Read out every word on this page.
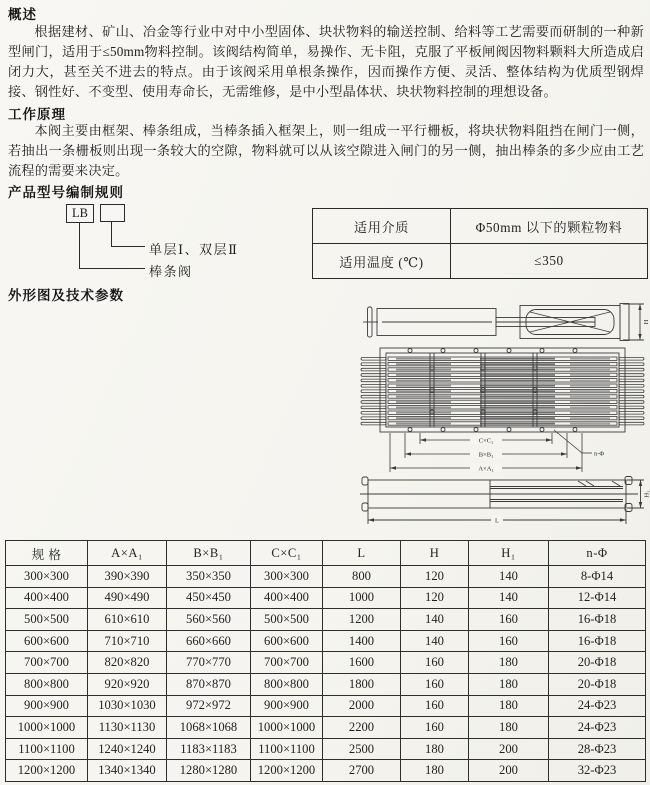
概述
根据建材、矿山、冶金等行业中对中小型固体、块状物料的输送控制、给料等工艺需要而研制的一种新型闸门，适用于≤50mm物料控制。该阀结构简单，易操作、无卡阻，克服了平板闸阀因物料颗料大所造成启闭力大，甚至关不进去的特点。由于该阀采用单根条操作，因而操作方便、灵活、整体结构为优质型钢焊接、钢性好、不变型、使用寿命长，无需维修，是中小型晶体状、块状物料控制的理想设备。
工作原理
本阀主要由框架、棒条组成，当棒条插入框架上，则一组成一平行栅板，将块状物料阻挡在闸门一侧，若抽出一条栅板则出现一条较大的空隙，物料就可以从该空隙进入闸门的另一侧，抽出棒条的多少应由工艺流程的需要来决定。
产品型号编制规则
LB
单层Ⅰ、双层Ⅱ
棒条阀
适用介质	Φ50mm 以下的颗粒物料
适用温度 (℃)	≤350
外形图及技术参数
H
C×C₁
B×B₁
A×A₁
n-Φ
L
H₁
规 格	A×A₁	B×B₁	C×C₁	L	H	H₁	n-Φ
300×300	390×390	350×350	300×300	800	120	140	8-Φ14
400×400	490×490	450×450	400×400	1000	120	140	12-Φ14
500×500	610×610	560×560	500×500	1200	140	160	16-Φ18
600×600	710×710	660×660	600×600	1400	140	160	16-Φ18
700×700	820×820	770×770	700×700	1600	160	180	20-Φ18
800×800	920×920	870×870	800×800	1800	160	180	20-Φ18
900×900	1030×1030	972×972	900×900	2000	160	180	24-Φ23
1000×1000	1130×1130	1068×1068	1000×1000	2200	160	180	24-Φ23
1100×1100	1240×1240	1183×1183	1100×1100	2500	180	200	28-Φ23
1200×1200	1340×1340	1280×1280	1200×1200	2700	180	200	32-Φ23
